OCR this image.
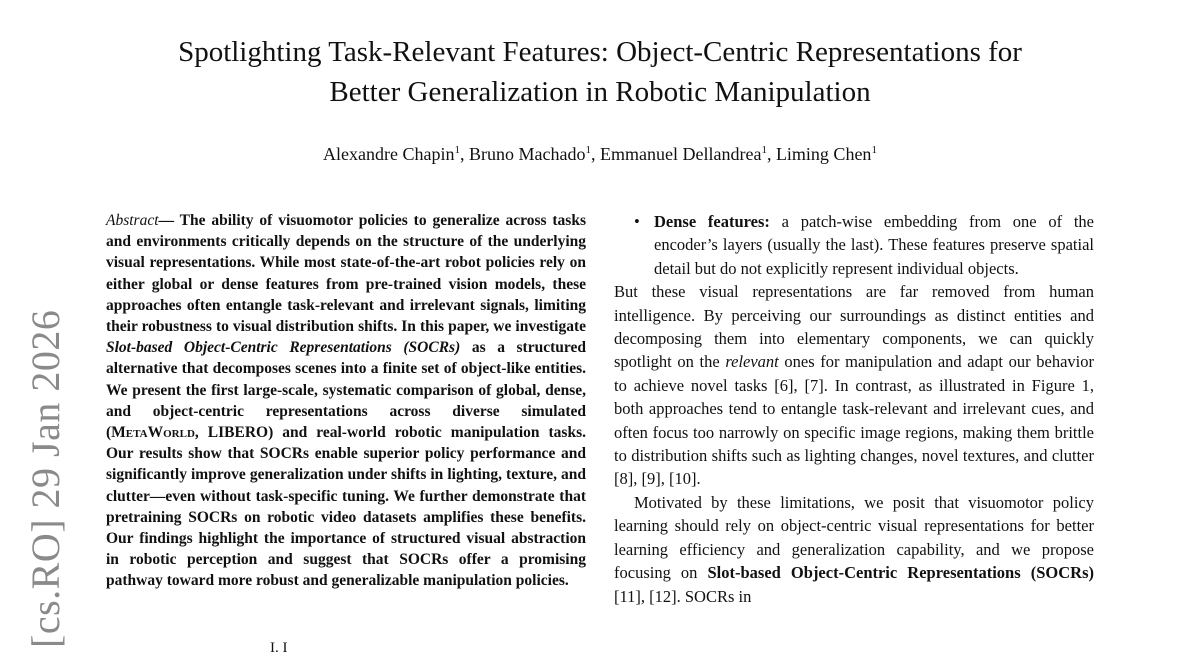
Spotlighting Task-Relevant Features: Object-Centric Representations for
Better Generalization in Robotic Manipulation
Alexandre Chapin$^1$, Bruno Machado$^1$, Emmanuel Dellandrea$^1$, Liming Chen$^1$
[cs.RO] 29 Jan 2026

Abstract— The ability of visuomotor policies to generalize across tasks and environments critically depends on the structure of the underlying visual representations. While most state-of-the-art robot policies rely on either global or dense features from pre-trained vision models, these approaches often entangle task-relevant and irrelevant signals, limiting their robustness to visual distribution shifts. In this paper, we investigate Slot-based Object-Centric Representations (SOCRs) as a structured alternative that decomposes scenes into a finite set of object-like entities. We present the first large-scale, systematic comparison of global, dense, and object-centric representations across diverse simulated (MetaWorld, LIBERO) and real-world robotic manipulation tasks. Our results show that SOCRs enable superior policy performance and significantly improve generalization under shifts in lighting, texture, and clutter—even without task-specific tuning. We further demonstrate that pretraining SOCRs on robotic video datasets amplifies these benefits. Our findings highlight the importance of structured visual abstraction in robotic perception and suggest that SOCRs offer a promising pathway toward more robust and generalizable manipulation policies.

I. I

• Dense features: a patch-wise embedding from one of the encoder’s layers (usually the last). These features preserve spatial detail but do not explicitly represent individual objects.

But these visual representations are far removed from human intelligence. By perceiving our surroundings as distinct entities and decomposing them into elementary components, we can quickly spotlight on the relevant ones for manipulation and adapt our behavior to achieve novel tasks [6], [7]. In contrast, as illustrated in Figure 1, both approaches tend to entangle task-relevant and irrelevant cues, and often focus too narrowly on specific image regions, making them brittle to distribution shifts such as lighting changes, novel textures, and clutter [8], [9], [10].

Motivated by these limitations, we posit that visuomotor policy learning should rely on object-centric visual representations for better learning efficiency and generalization capability, and we propose focusing on Slot-based Object-Centric Representations (SOCRs) [11], [12]. SOCRs in
